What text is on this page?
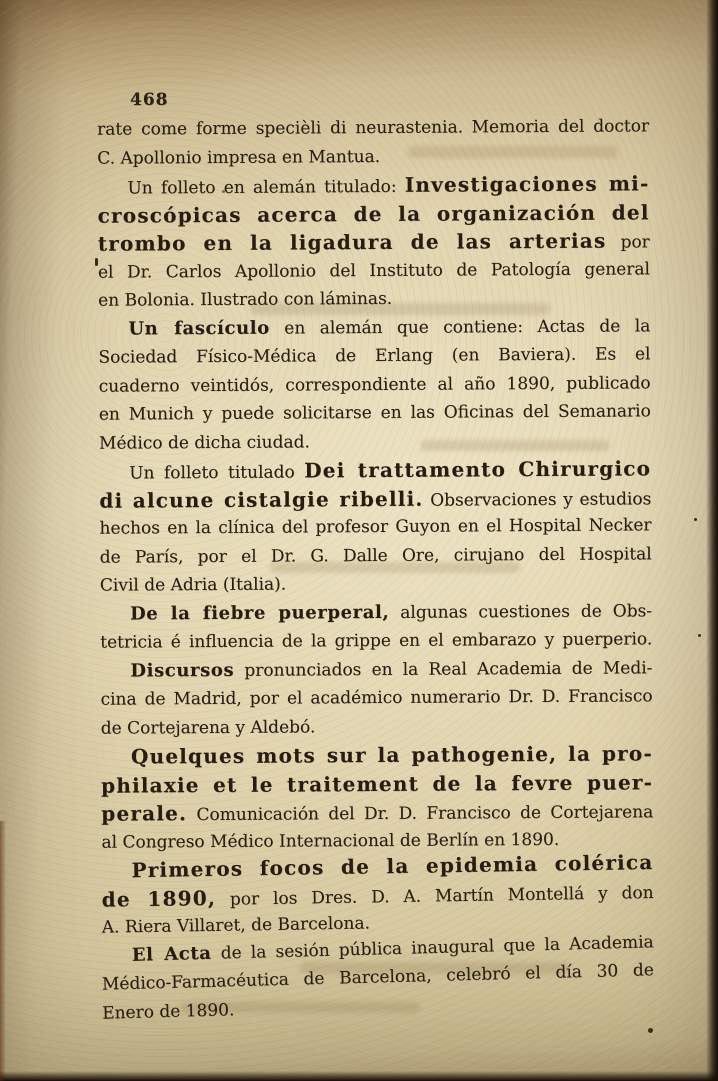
468
rate come forme specièli di neurastenia. Memoria del doctor
C. Apollonio impresa en Mantua.
Un folleto en alemán titulado: Investigaciones mi-
croscópicas acerca de la organización del
trombo en la ligadura de las arterias por
el Dr. Carlos Apollonio del Instituto de Patología general
en Bolonia. Ilustrado con láminas.
Un fascículo en alemán que contiene: Actas de la
Sociedad Físico-Médica de Erlang (en Baviera). Es el
cuaderno veintidós, correspondiente al año 1890, publicado
en Munich y puede solicitarse en las Oficinas del Semanario
Médico de dicha ciudad.
Un folleto titulado Dei trattamento Chirurgico
di alcune cistalgie ribelli. Observaciones y estudios
hechos en la clínica del profesor Guyon en el Hospital Necker
de París, por el Dr. G. Dalle Ore, cirujano del Hospital
Civil de Adria (Italia).
De la fiebre puerperal, algunas cuestiones de Obs-
tetricia é influencia de la grippe en el embarazo y puerperio.
Discursos pronunciados en la Real Academia de Medi-
cina de Madrid, por el académico numerario Dr. D. Francisco
de Cortejarena y Aldebó.
Quelques mots sur la pathogenie, la pro-
philaxie et le traitement de la fevre puer-
perale. Comunicación del Dr. D. Francisco de Cortejarena
al Congreso Médico Internacional de Berlín en 1890.
Primeros focos de la epidemia colérica
de 1890, por los Dres. D. A. Martín Montellá y don
A. Riera Villaret, de Barcelona.
El Acta de la sesión pública inaugural que la Academia
Médico-Farmacéutica de Barcelona, celebró el día 30 de
Enero de 1890.
